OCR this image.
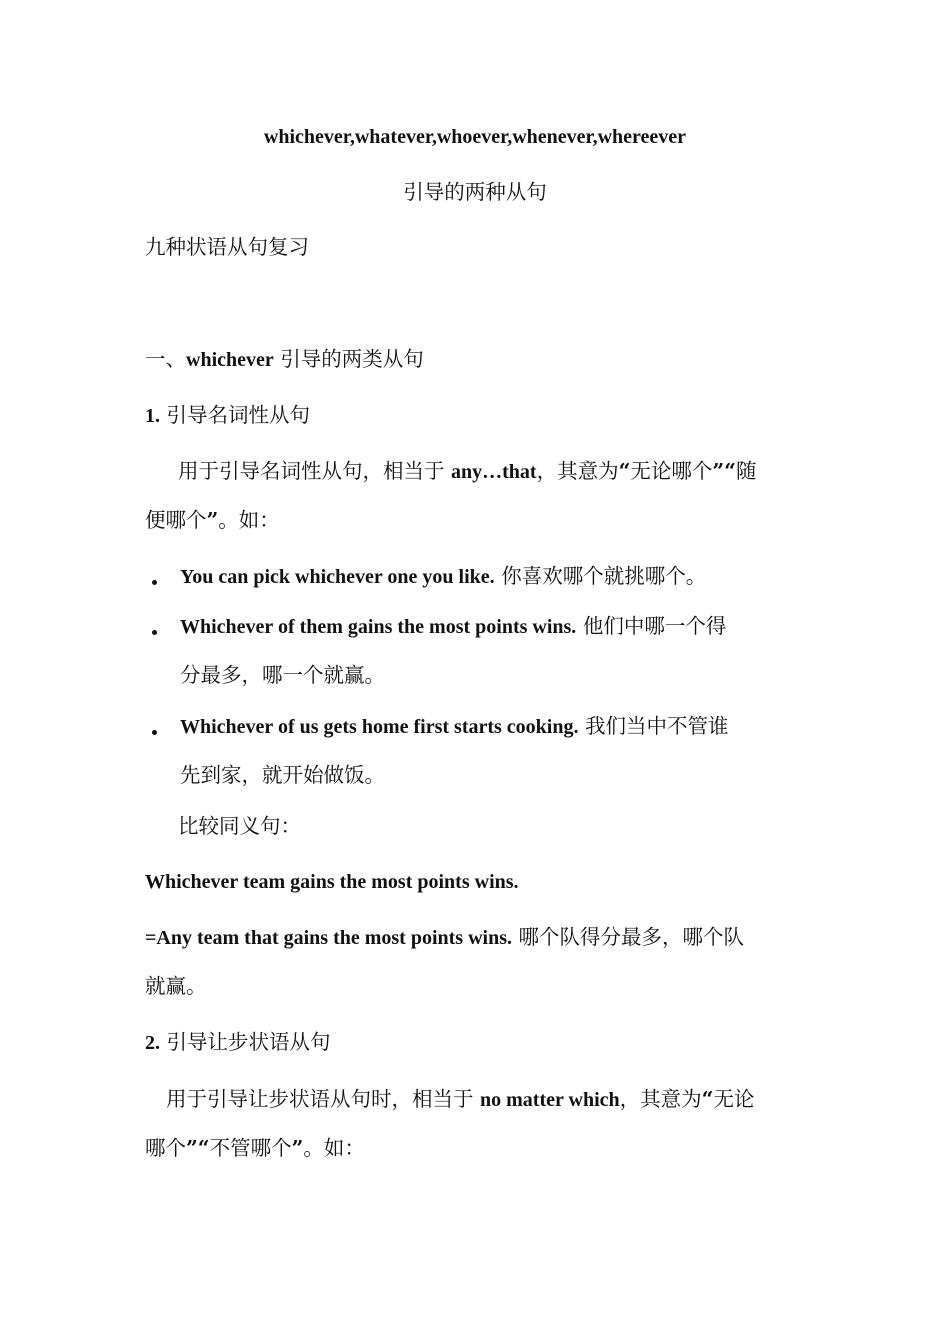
whichever,whatever,whoever,whenever,whereever
引导的两种从句
九种状语从句复习
一、whichever 引导的两类从句
1. 引导名词性从句
用于引导名词性从句，相当于 any…that，其意为“无论哪个”“随
便哪个”。如：
You can pick whichever one you like. 你喜欢哪个就挑哪个。
Whichever of them gains the most points wins. 他们中哪一个得
分最多，哪一个就赢。
Whichever of us gets home first starts cooking. 我们当中不管谁
先到家，就开始做饭。
比较同义句：
Whichever team gains the most points wins.
=Any team that gains the most points wins. 哪个队得分最多，哪个队
就赢。
2. 引导让步状语从句
用于引导让步状语从句时，相当于 no matter which，其意为“无论
哪个”“不管哪个”。如：
